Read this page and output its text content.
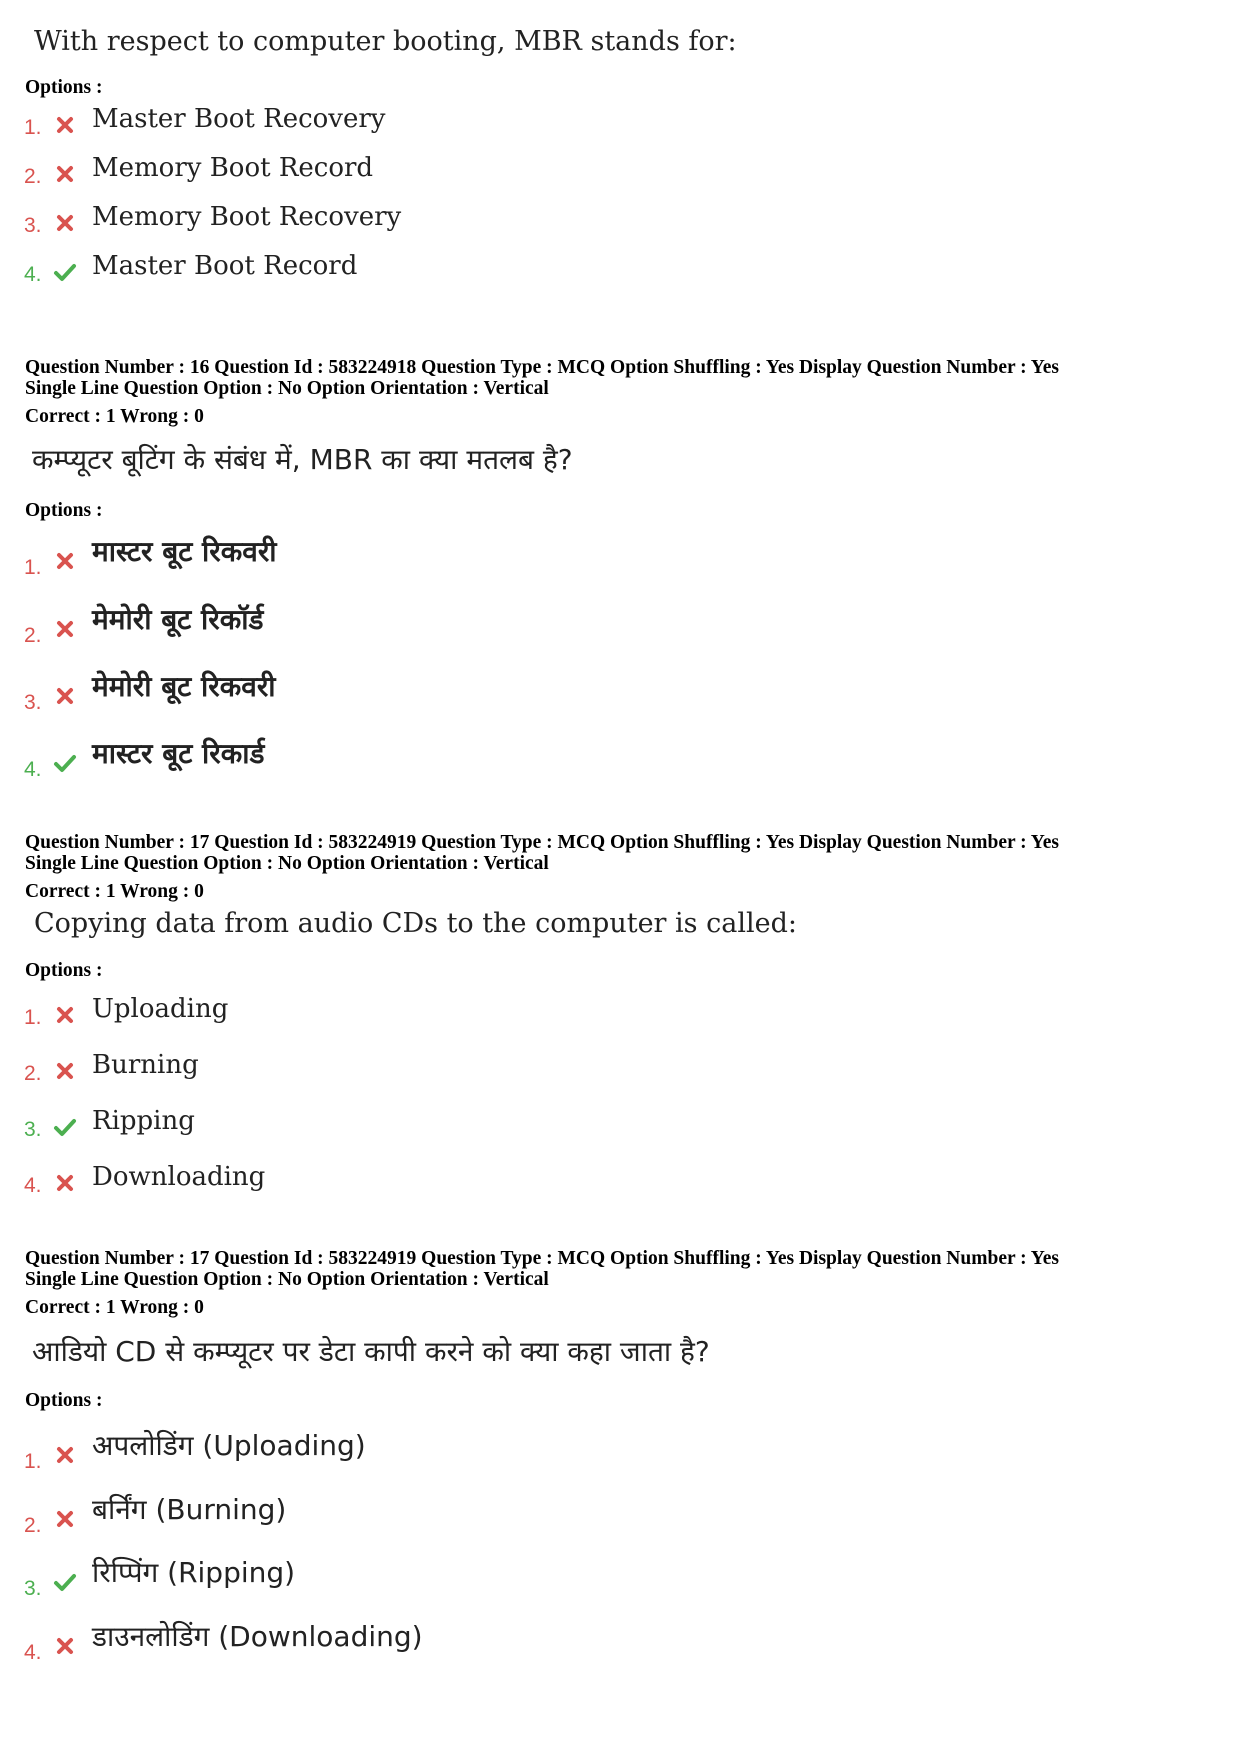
With respect to computer booting, MBR stands for:
Options :
1. Master Boot Recovery
2. Memory Boot Record
3. Memory Boot Recovery
4. Master Boot Record
Question Number : 16 Question Id : 583224918 Question Type : MCQ Option Shuffling : Yes Display Question Number : Yes
Single Line Question Option : No Option Orientation : Vertical
Correct : 1 Wrong : 0
कम्प्यूटर बूटिंग के संबंध में, MBR का क्या मतलब है?
Options :
1. मास्टर बूट रिकवरी
2. मेमोरी बूट रिकॉर्ड
3. मेमोरी बूट रिकवरी
4. मास्टर बूट रिकार्ड
Question Number : 17 Question Id : 583224919 Question Type : MCQ Option Shuffling : Yes Display Question Number : Yes
Single Line Question Option : No Option Orientation : Vertical
Correct : 1 Wrong : 0
Copying data from audio CDs to the computer is called:
Options :
1. Uploading
2. Burning
3. Ripping
4. Downloading
Question Number : 17 Question Id : 583224919 Question Type : MCQ Option Shuffling : Yes Display Question Number : Yes
Single Line Question Option : No Option Orientation : Vertical
Correct : 1 Wrong : 0
आडियो CD से कम्प्यूटर पर डेटा कापी करने को क्या कहा जाता है?
Options :
1. अपलोडिंग (Uploading)
2. बर्निंग (Burning)
3. रिप्पिंग (Ripping)
4. डाउनलोडिंग (Downloading)
